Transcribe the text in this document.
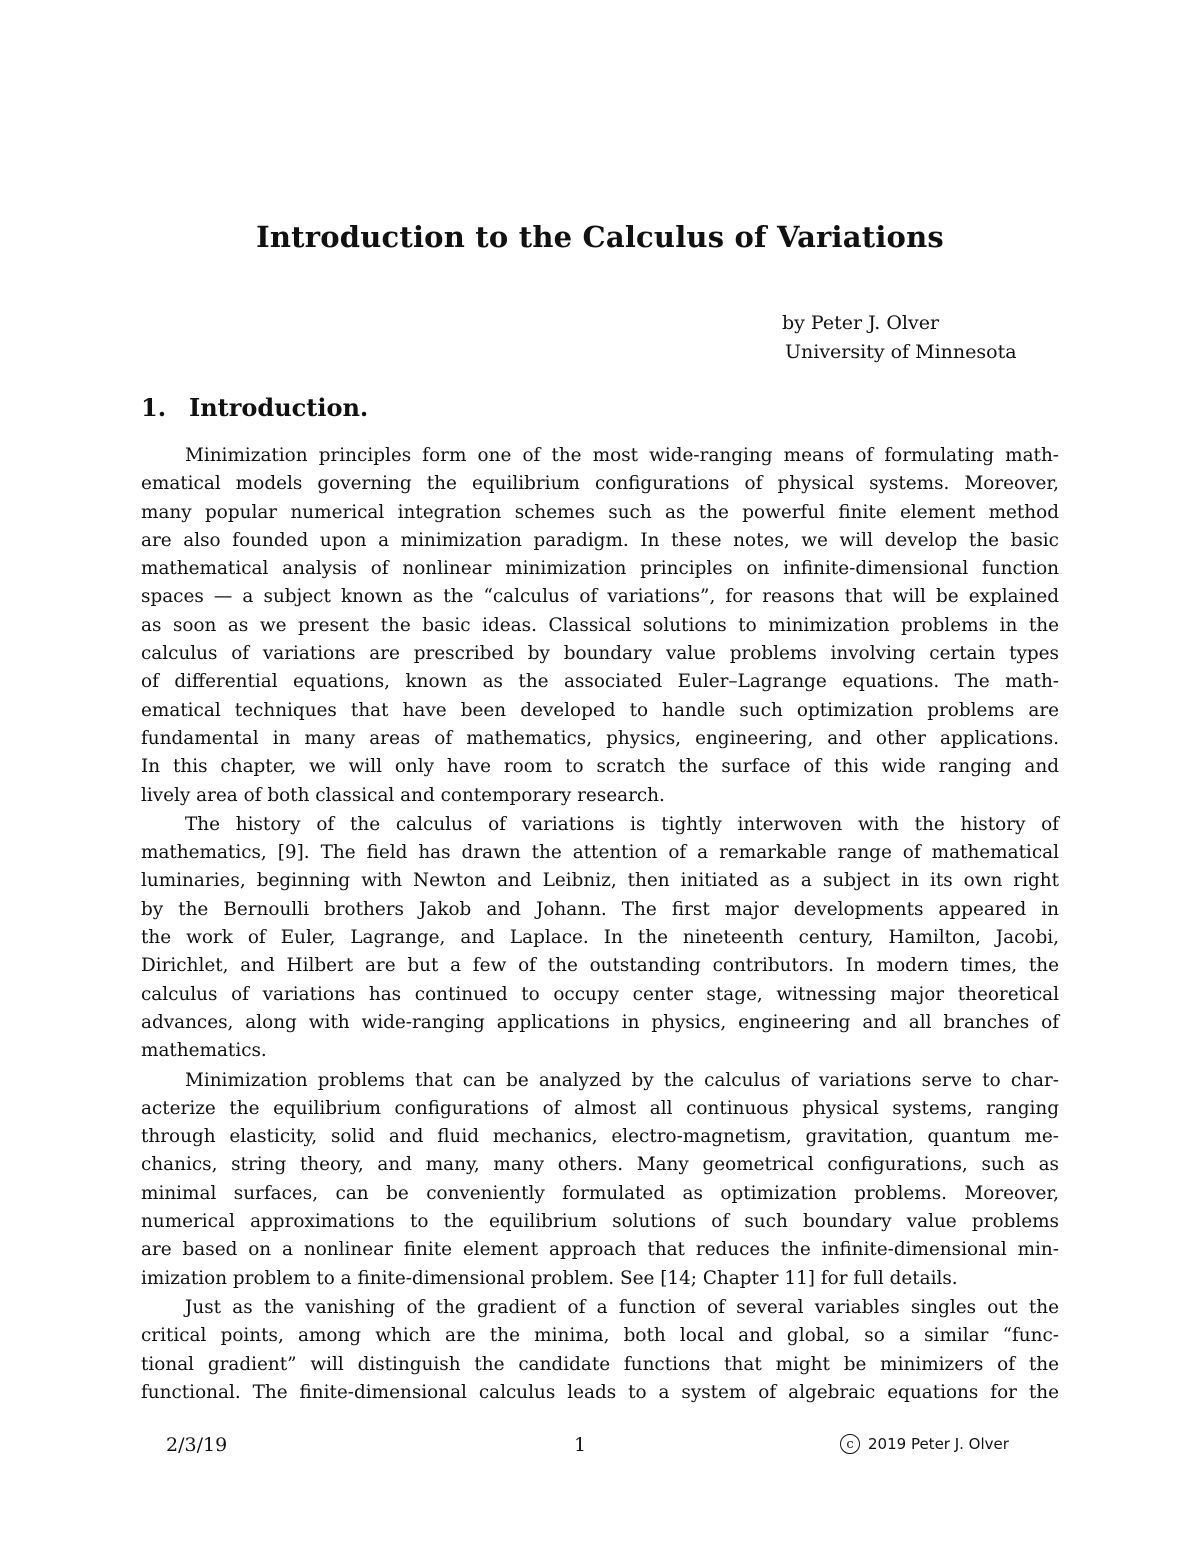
Introduction to the Calculus of Variations
by Peter J. Olver
University of Minnesota
1. Introduction.
Minimization principles form one of the most wide-ranging means of formulating math-
ematical models governing the equilibrium configurations of physical systems. Moreover,
many popular numerical integration schemes such as the powerful finite element method
are also founded upon a minimization paradigm. In these notes, we will develop the basic
mathematical analysis of nonlinear minimization principles on infinite-dimensional function
spaces — a subject known as the “calculus of variations”, for reasons that will be explained
as soon as we present the basic ideas. Classical solutions to minimization problems in the
calculus of variations are prescribed by boundary value problems involving certain types
of differential equations, known as the associated Euler–Lagrange equations. The math-
ematical techniques that have been developed to handle such optimization problems are
fundamental in many areas of mathematics, physics, engineering, and other applications.
In this chapter, we will only have room to scratch the surface of this wide ranging and
lively area of both classical and contemporary research.
The history of the calculus of variations is tightly interwoven with the history of
mathematics, [9]. The field has drawn the attention of a remarkable range of mathematical
luminaries, beginning with Newton and Leibniz, then initiated as a subject in its own right
by the Bernoulli brothers Jakob and Johann. The first major developments appeared in
the work of Euler, Lagrange, and Laplace. In the nineteenth century, Hamilton, Jacobi,
Dirichlet, and Hilbert are but a few of the outstanding contributors. In modern times, the
calculus of variations has continued to occupy center stage, witnessing major theoretical
advances, along with wide-ranging applications in physics, engineering and all branches of
mathematics.
Minimization problems that can be analyzed by the calculus of variations serve to char-
acterize the equilibrium configurations of almost all continuous physical systems, ranging
through elasticity, solid and fluid mechanics, electro-magnetism, gravitation, quantum me-
chanics, string theory, and many, many others. Many geometrical configurations, such as
minimal surfaces, can be conveniently formulated as optimization problems. Moreover,
numerical approximations to the equilibrium solutions of such boundary value problems
are based on a nonlinear finite element approach that reduces the infinite-dimensional min-
imization problem to a finite-dimensional problem. See [14; Chapter 11] for full details.
Just as the vanishing of the gradient of a function of several variables singles out the
critical points, among which are the minima, both local and global, so a similar “func-
tional gradient” will distinguish the candidate functions that might be minimizers of the
functional. The finite-dimensional calculus leads to a system of algebraic equations for the
2/3/19	1	c 2019 Peter J. Olver
